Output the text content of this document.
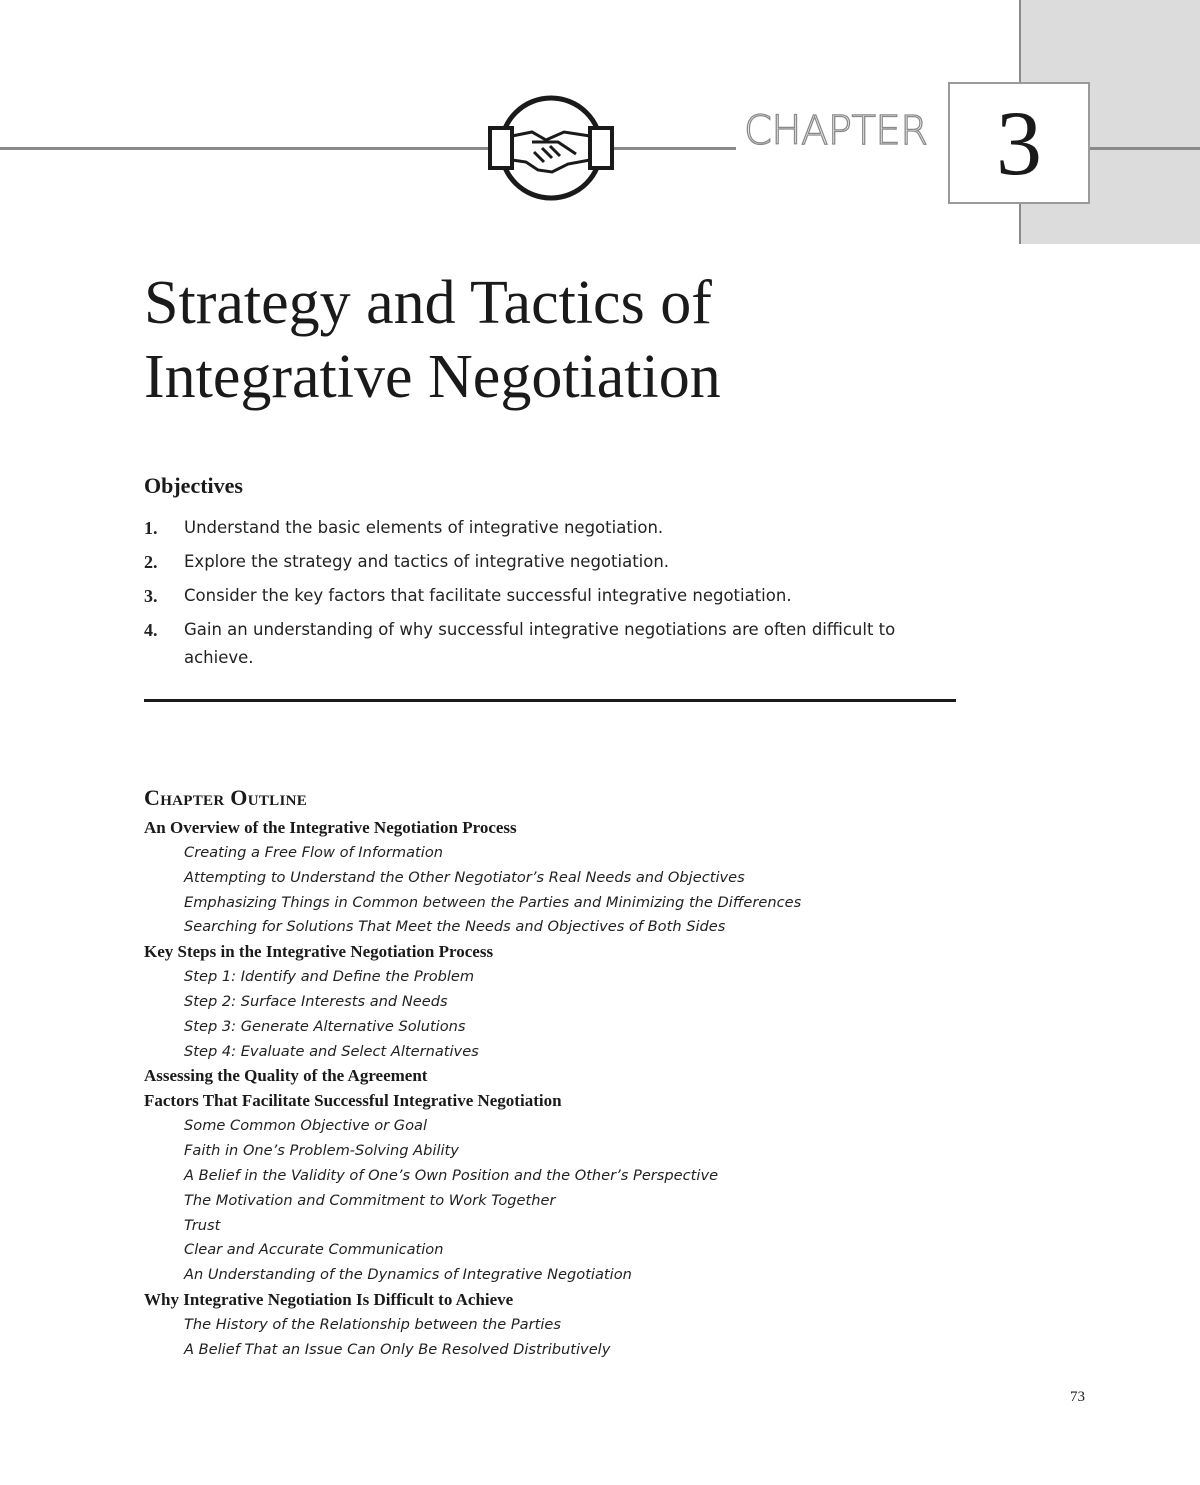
CHAPTER 3
Strategy and Tactics of
Integrative Negotiation
Objectives
1. Understand the basic elements of integrative negotiation.
2. Explore the strategy and tactics of integrative negotiation.
3. Consider the key factors that facilitate successful integrative negotiation.
4. Gain an understanding of why successful integrative negotiations are often difficult to achieve.
Chapter Outline
An Overview of the Integrative Negotiation Process
Creating a Free Flow of Information
Attempting to Understand the Other Negotiator’s Real Needs and Objectives
Emphasizing Things in Common between the Parties and Minimizing the Differences
Searching for Solutions That Meet the Needs and Objectives of Both Sides
Key Steps in the Integrative Negotiation Process
Step 1: Identify and Define the Problem
Step 2: Surface Interests and Needs
Step 3: Generate Alternative Solutions
Step 4: Evaluate and Select Alternatives
Assessing the Quality of the Agreement
Factors That Facilitate Successful Integrative Negotiation
Some Common Objective or Goal
Faith in One’s Problem-Solving Ability
A Belief in the Validity of One’s Own Position and the Other’s Perspective
The Motivation and Commitment to Work Together
Trust
Clear and Accurate Communication
An Understanding of the Dynamics of Integrative Negotiation
Why Integrative Negotiation Is Difficult to Achieve
The History of the Relationship between the Parties
A Belief That an Issue Can Only Be Resolved Distributively
73
